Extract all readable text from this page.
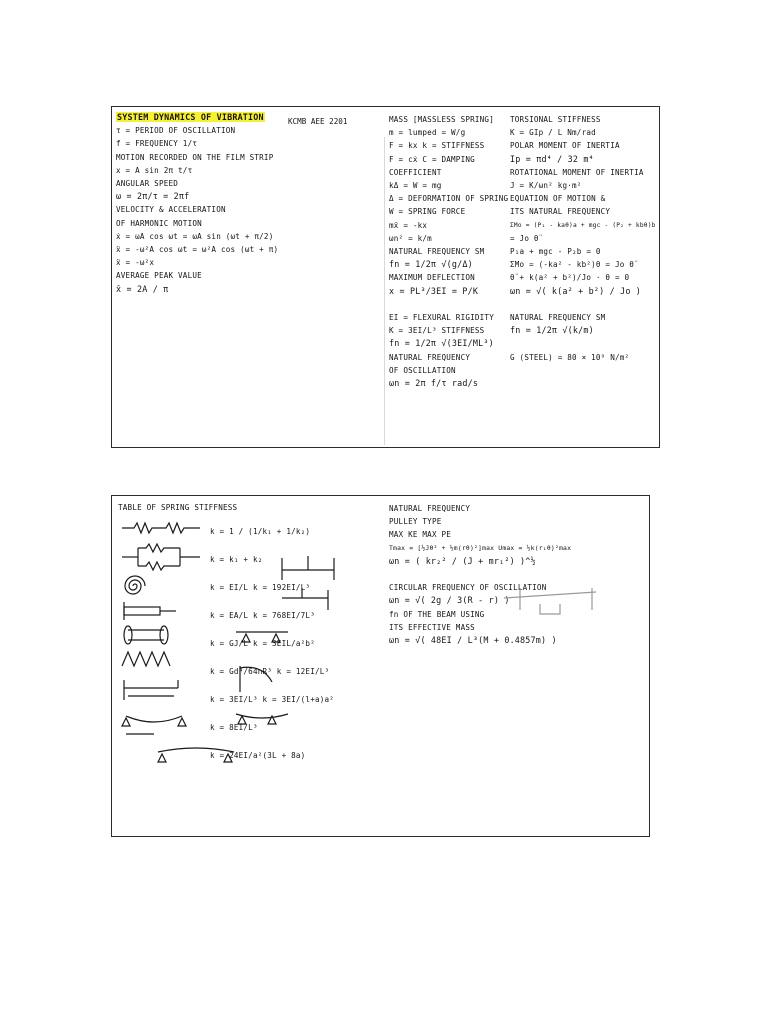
KCMB AEE 2201
SYSTEM DYNAMICS OF VIBRATION
τ = PERIOD OF OSCILLATION
f = FREQUENCY 1/τ
MOTION RECORDED ON THE FILM STRIP
x = A sin 2π t/τ
ANGULAR SPEED
ω = 2π/τ = 2πf
VELOCITY & ACCELERATION
OF HARMONIC MOTION
ẋ = ωA cos ωt = ωA sin (ωt + π/2)
ẍ = -ω²A cos ωt = ω²A cos (ωt + π)
ẍ = -ω²x
AVERAGE PEAK VALUE
x̄ = 2A / π
MASS [MASSLESS SPRING]
m = lumped = W/g
F = kx k = STIFFNESS
F = cẋ C = DAMPING
COEFFICIENT
kΔ = W = mg
Δ = DEFORMATION OF SPRING
W = SPRING FORCE
mẍ = -kx
ωn² = k/m
NATURAL FREQUENCY SM
fn = 1/2π √(g/Δ)
MAXIMUM DEFLECTION
x = PL³/3EI = P/K

EI = FLEXURAL RIGIDITY
K = 3EI/L³ STIFFNESS
fn = 1/2π √(3EI/ML³)
NATURAL FREQUENCY
OF OSCILLATION
ωn = 2π f/τ rad/s
TORSIONAL STIFFNESS
K = GIp / L Nm/rad
POLAR MOMENT OF INERTIA
Ip = πd⁴ / 32 m⁴
ROTATIONAL MOMENT OF INERTIA
J = K/ωn² kg·m²
EQUATION OF MOTION &
ITS NATURAL FREQUENCY
ΣMo = (P₁ - kaθ)a + mgc - (P₂ + kbθ)b
= Jo θ̈
P₁a + mgc - P₂b = 0
ΣMo = (-ka² - kb²)θ = Jo θ̈
θ̈ + k(a² + b²)/Jo · θ = 0
ωn = √( k(a² + b²) / Jo )

NATURAL FREQUENCY SM
fn = 1/2π √(k/m)

G (STEEL) = 80 × 10⁹ N/m²
TABLE OF SPRING STIFFNESS
k = 1 / (1/k₁ + 1/k₂)
k = k₁ + k₂
k = EI/L k = 192EI/L³
k = EA/L k = 768EI/7L³
k = GJ/L k = 3EIL/a²b²
k = Gd⁴/64nR³ k = 12EI/L³
k = 3EI/L³ k = 3EI/(l+a)a²
k = 8EI/L³
k = 24EI/a²(3L + 8a)
NATURAL FREQUENCY
PULLEY TYPE
MAX KE MAX PE
Tmax = [½Jθ̇² + ½m(rθ̇)²]max Umax = ½k(r₁θ)²max
ωn = ( kr₂² / (J + mr₁²) )^½

CIRCULAR FREQUENCY OF OSCILLATION
ωn = √( 2g / 3(R - r) )
fn OF THE BEAM USING
ITS EFFECTIVE MASS
ωn = √( 48EI / L³(M + 0.4857m) )
